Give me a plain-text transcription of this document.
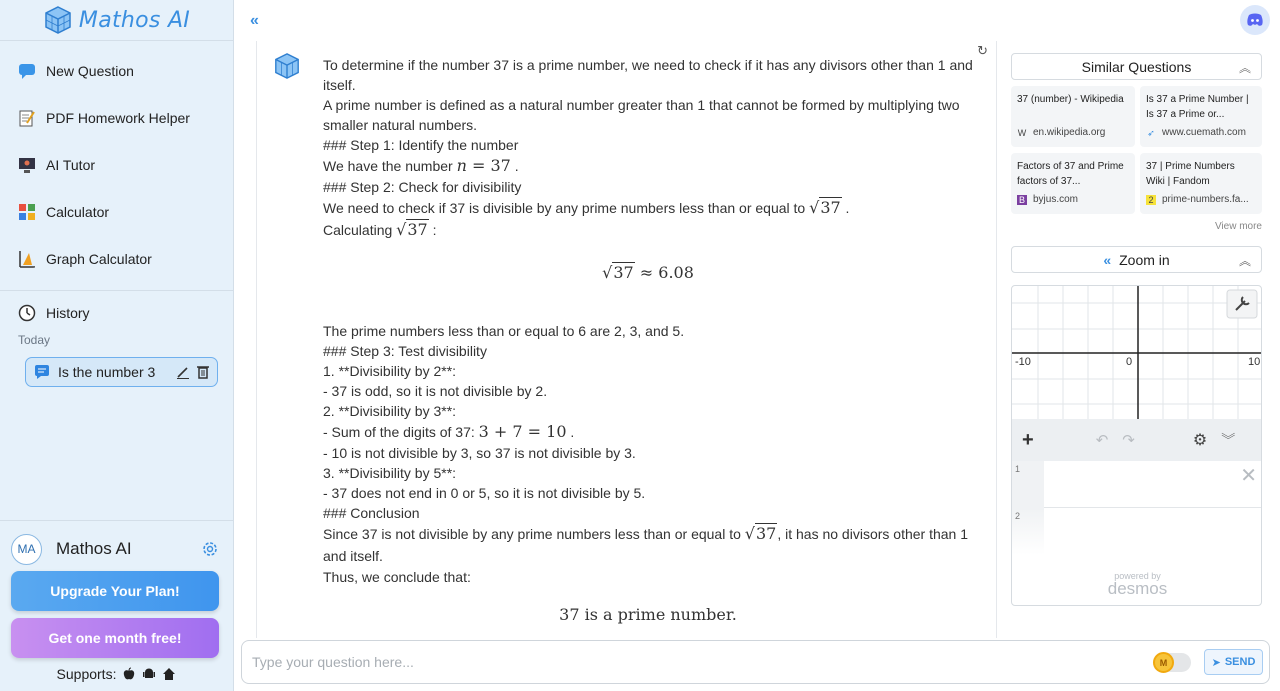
Mathos AI
New Question
PDF Homework Helper
AI Tutor
Calculator
Graph Calculator
History
Today
Is the number 3
MA	Mathos AI
Upgrade Your Plan!
Get one month free!
Supports:
«
↻

To determine if the number 37 is a prime number, we need to check if it has any divisors other than 1 and itself.

A prime number is defined as a natural number greater than 1 that cannot be formed by multiplying two smaller natural numbers.

### Step 1: Identify the number

We have the number n = 37 .

### Step 2: Check for divisibility

We need to check if 37 is divisible by any prime numbers less than or equal to √37 .

Calculating √37 :

√37 ≈ 6.08

The prime numbers less than or equal to 6 are 2, 3, and 5.

### Step 3: Test divisibility

1. **Divisibility by 2**:

- 37 is odd, so it is not divisible by 2.

2. **Divisibility by 3**:

- Sum of the digits of 37: 3 + 7 = 10 .

- 10 is not divisible by 3, so 37 is not divisible by 3.

3. **Divisibility by 5**:

- 37 does not end in 0 or 5, so it is not divisible by 5.

### Conclusion

Since 37 is not divisible by any prime numbers less than or equal to √37, it has no divisors other than 1 and itself.

Thus, we conclude that:

37 is a prime number.
Similar Questions	︽
37 (number) - Wikipedia
W en.wikipedia.org
Is 37 a Prime Number | Is 37 a Prime or...
➶ www.cuemath.com
Factors of 37 and Prime factors of 37...
B byjus.com
37 | Prime Numbers Wiki | Fandom
2 prime-numbers.fa...
View more
« Zoom in	︽
-10	0	10
+	↶ ↷	⚙ ︾
1	✕
2
powered by
desmos
Type your question here...
M	➤ SEND
